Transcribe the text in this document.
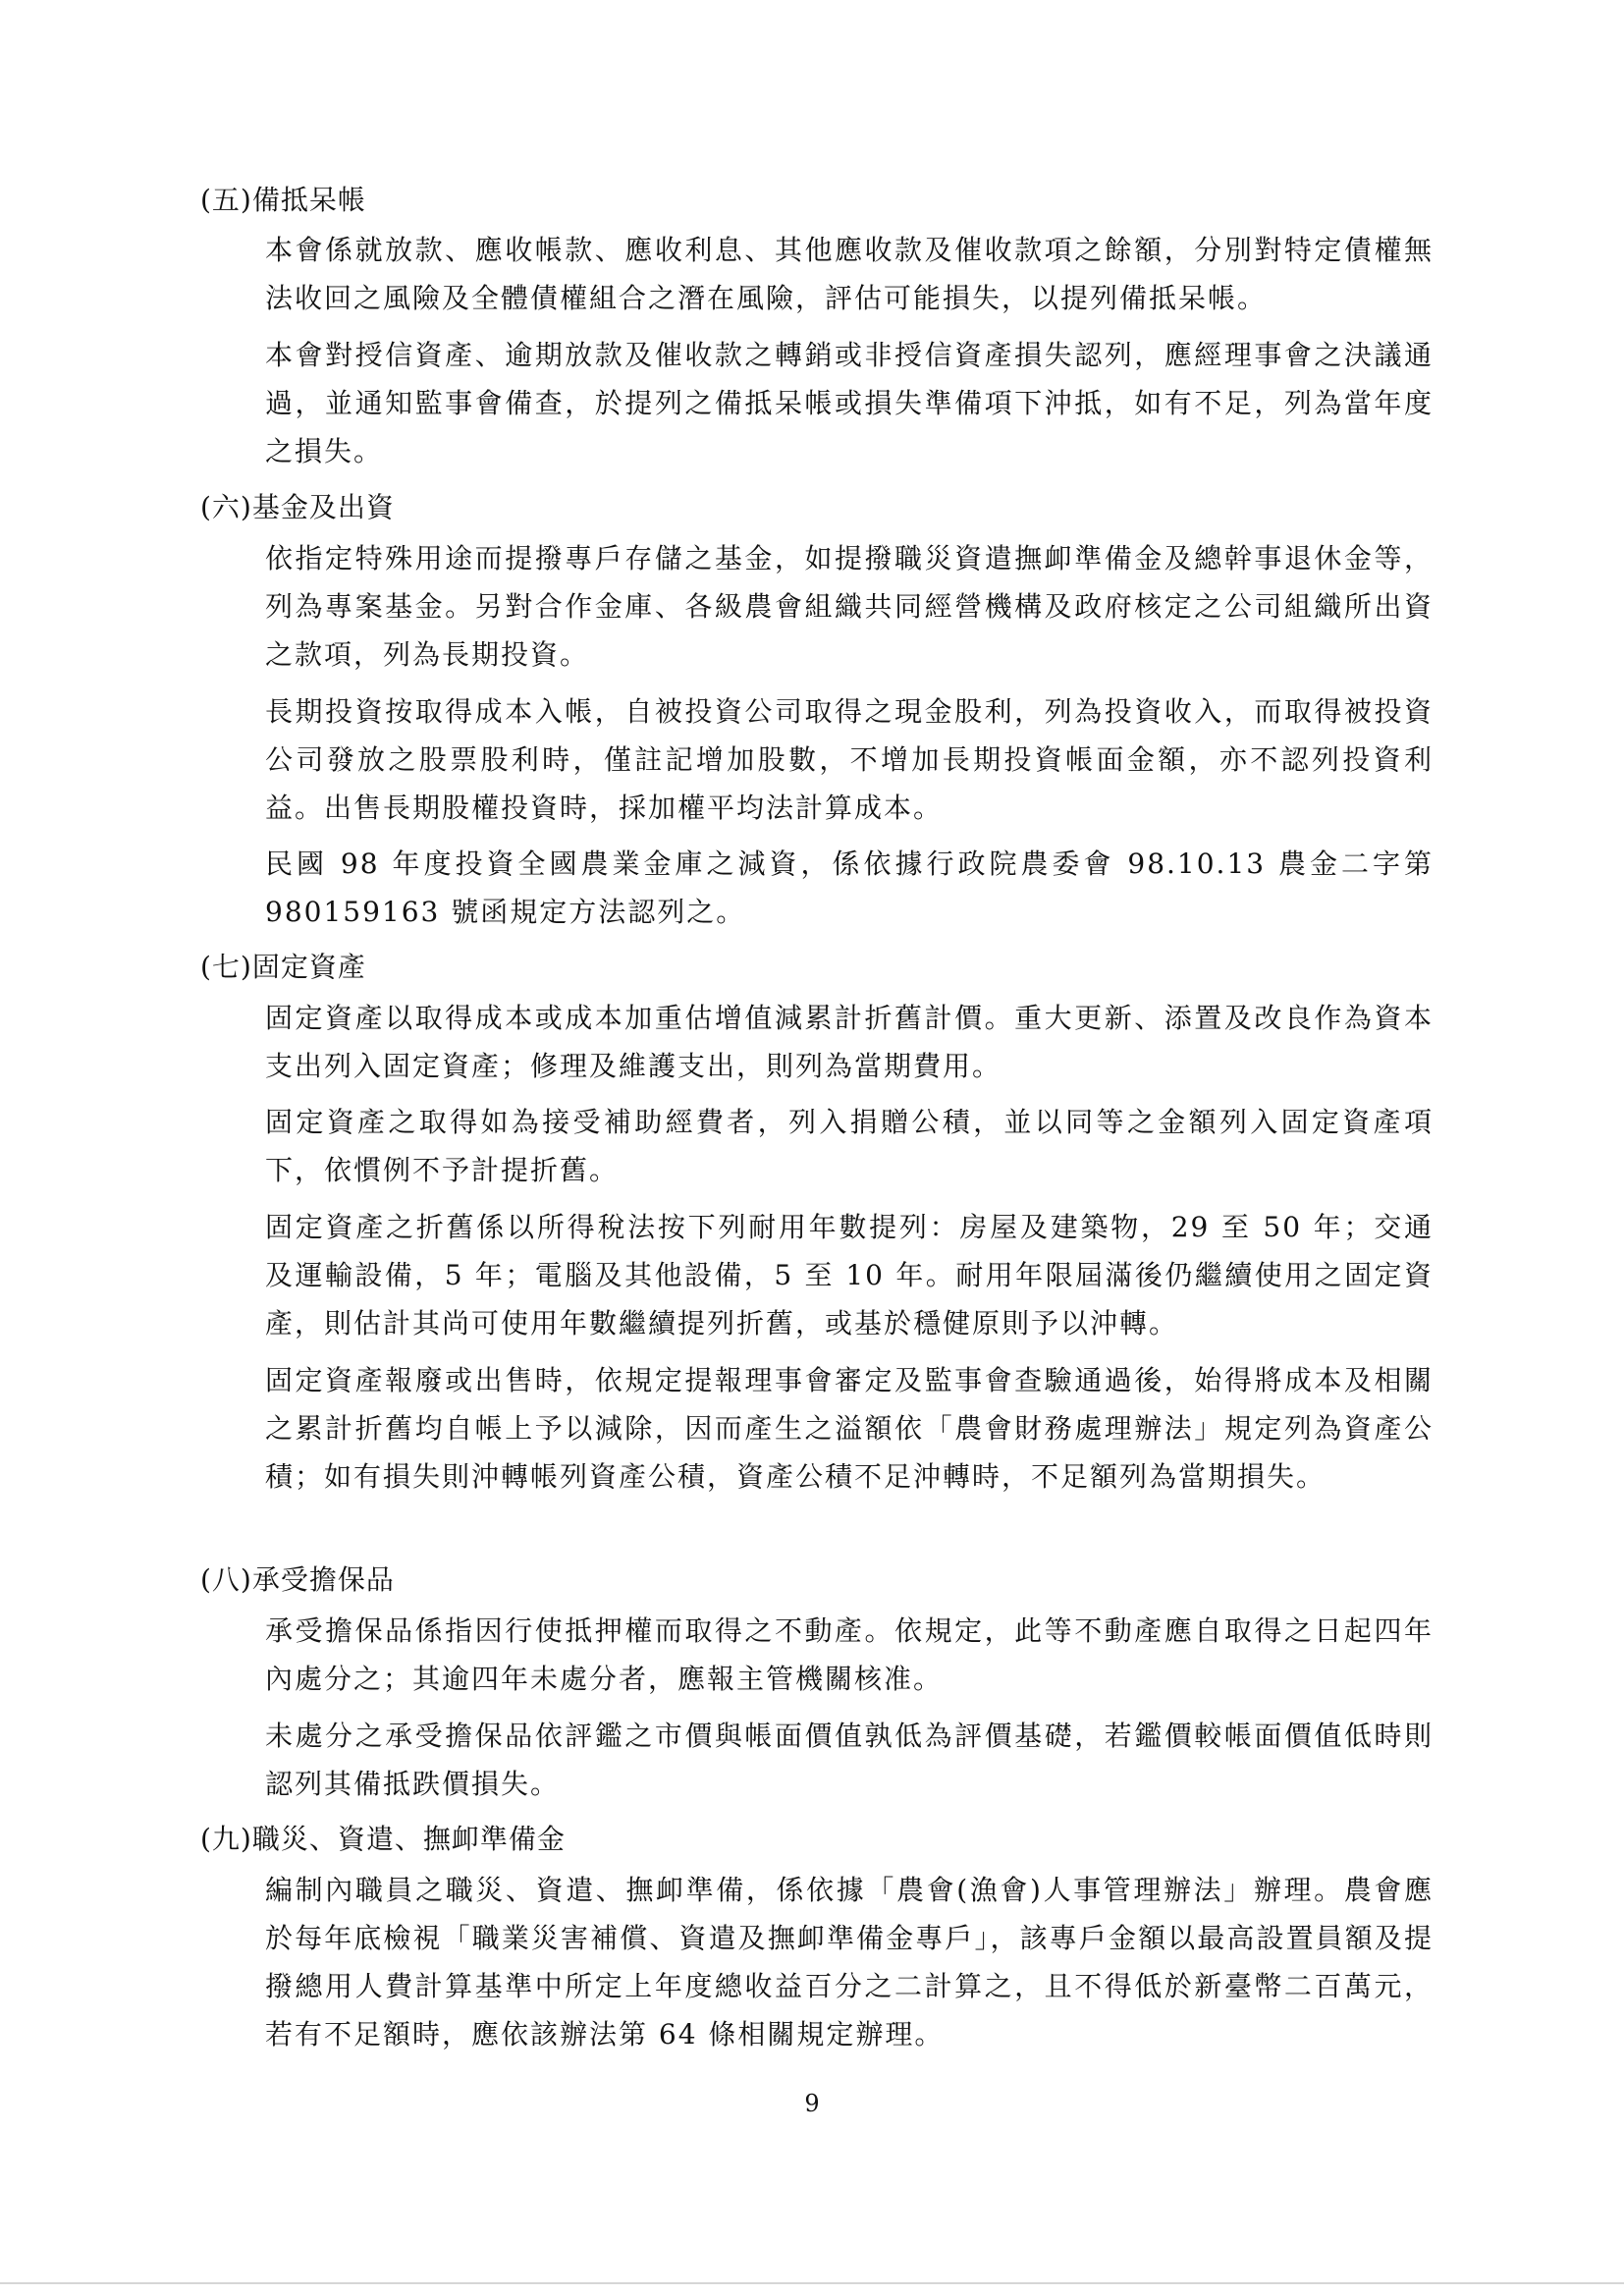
(五)備抵呆帳

本會係就放款、應收帳款、應收利息、其他應收款及催收款項之餘額，分別對特定債權無法收回之風險及全體債權組合之潛在風險，評估可能損失，以提列備抵呆帳。

本會對授信資產、逾期放款及催收款之轉銷或非授信資產損失認列，應經理事會之決議通過，並通知監事會備查，於提列之備抵呆帳或損失準備項下沖抵，如有不足，列為當年度之損失。

(六)基金及出資

依指定特殊用途而提撥專戶存儲之基金，如提撥職災資遣撫卹準備金及總幹事退休金等，列為專案基金。另對合作金庫、各級農會組織共同經營機構及政府核定之公司組織所出資之款項，列為長期投資。

長期投資按取得成本入帳，自被投資公司取得之現金股利，列為投資收入，而取得被投資公司發放之股票股利時，僅註記增加股數，不增加長期投資帳面金額，亦不認列投資利益。出售長期股權投資時，採加權平均法計算成本。

民國 98 年度投資全國農業金庫之減資，係依據行政院農委會 98.10.13 農金二字第980159163 號函規定方法認列之。

(七)固定資產

固定資產以取得成本或成本加重估增值減累計折舊計價。重大更新、添置及改良作為資本支出列入固定資產；修理及維護支出，則列為當期費用。

固定資產之取得如為接受補助經費者，列入捐贈公積，並以同等之金額列入固定資產項下，依慣例不予計提折舊。

固定資產之折舊係以所得稅法按下列耐用年數提列：房屋及建築物，29 至 50 年；交通及運輸設備，5 年；電腦及其他設備，5 至 10 年。耐用年限屆滿後仍繼續使用之固定資產，則估計其尚可使用年數繼續提列折舊，或基於穩健原則予以沖轉。

固定資產報廢或出售時，依規定提報理事會審定及監事會查驗通過後，始得將成本及相關之累計折舊均自帳上予以減除，因而產生之溢額依「農會財務處理辦法」規定列為資產公積；如有損失則沖轉帳列資產公積，資產公積不足沖轉時，不足額列為當期損失。

(八)承受擔保品

承受擔保品係指因行使抵押權而取得之不動產。依規定，此等不動產應自取得之日起四年內處分之；其逾四年未處分者，應報主管機關核准。

未處分之承受擔保品依評鑑之市價與帳面價值孰低為評價基礎，若鑑價較帳面價值低時則認列其備抵跌價損失。

(九)職災、資遣、撫卹準備金

編制內職員之職災、資遣、撫卹準備，係依據「農會(漁會)人事管理辦法」辦理。農會應於每年底檢視「職業災害補償、資遣及撫卹準備金專戶」，該專戶金額以最高設置員額及提撥總用人費計算基準中所定上年度總收益百分之二計算之，且不得低於新臺幣二百萬元，若有不足額時，應依該辦法第 64 條相關規定辦理。

9
